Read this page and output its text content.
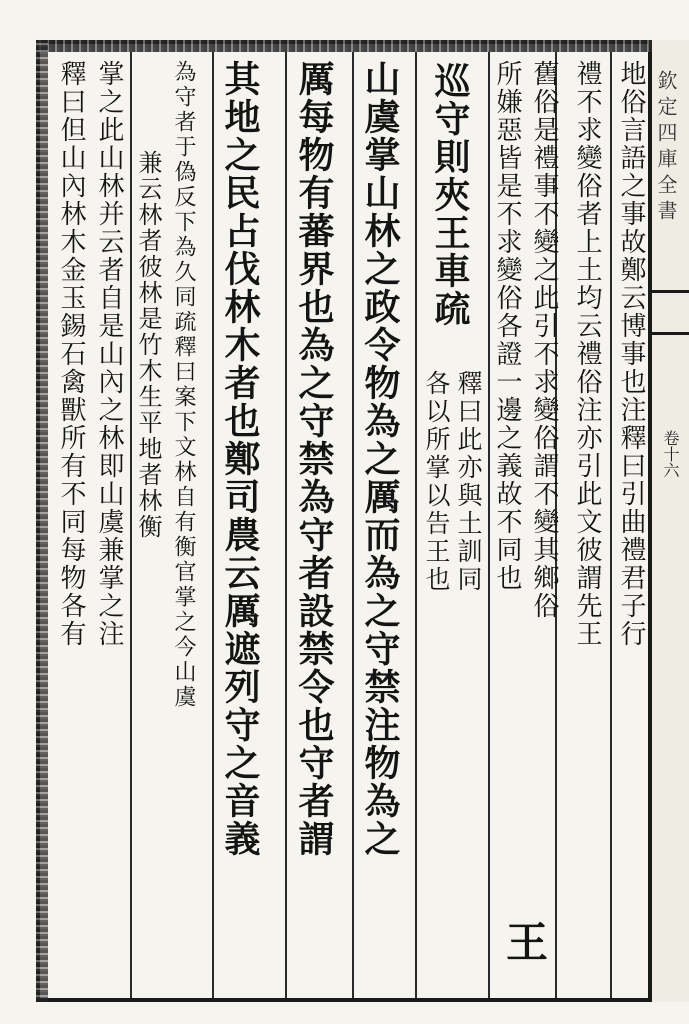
欽定四庫全書
卷十六
地俗言語之事故鄭云博事也注釋曰引曲禮君子行
禮不求變俗者上土均云禮俗注亦引此文彼謂先王
舊俗是禮事不變之此引不求變俗謂不變其鄉俗
所嫌惡皆是不求變俗各證一邊之義故不同也
巡守則夾王車疏
山虞掌山林之政令物為之厲而為之守禁注物為之
厲每物有蕃界也為之守禁為守者設禁令也守者謂
其地之民占伐林木者也鄭司農云厲遮列守之音義
為守者于偽反下為久同疏釋曰案下文林自有衡官掌之今山虞
兼云林者彼林是竹木生平地者林衡
掌之此山林并云者自是山內之林即山虞兼掌之注
釋曰但山內林木金玉錫石禽獸所有不同每物各有	釋曰此亦與土訓同
各以所掌以告王也
王
